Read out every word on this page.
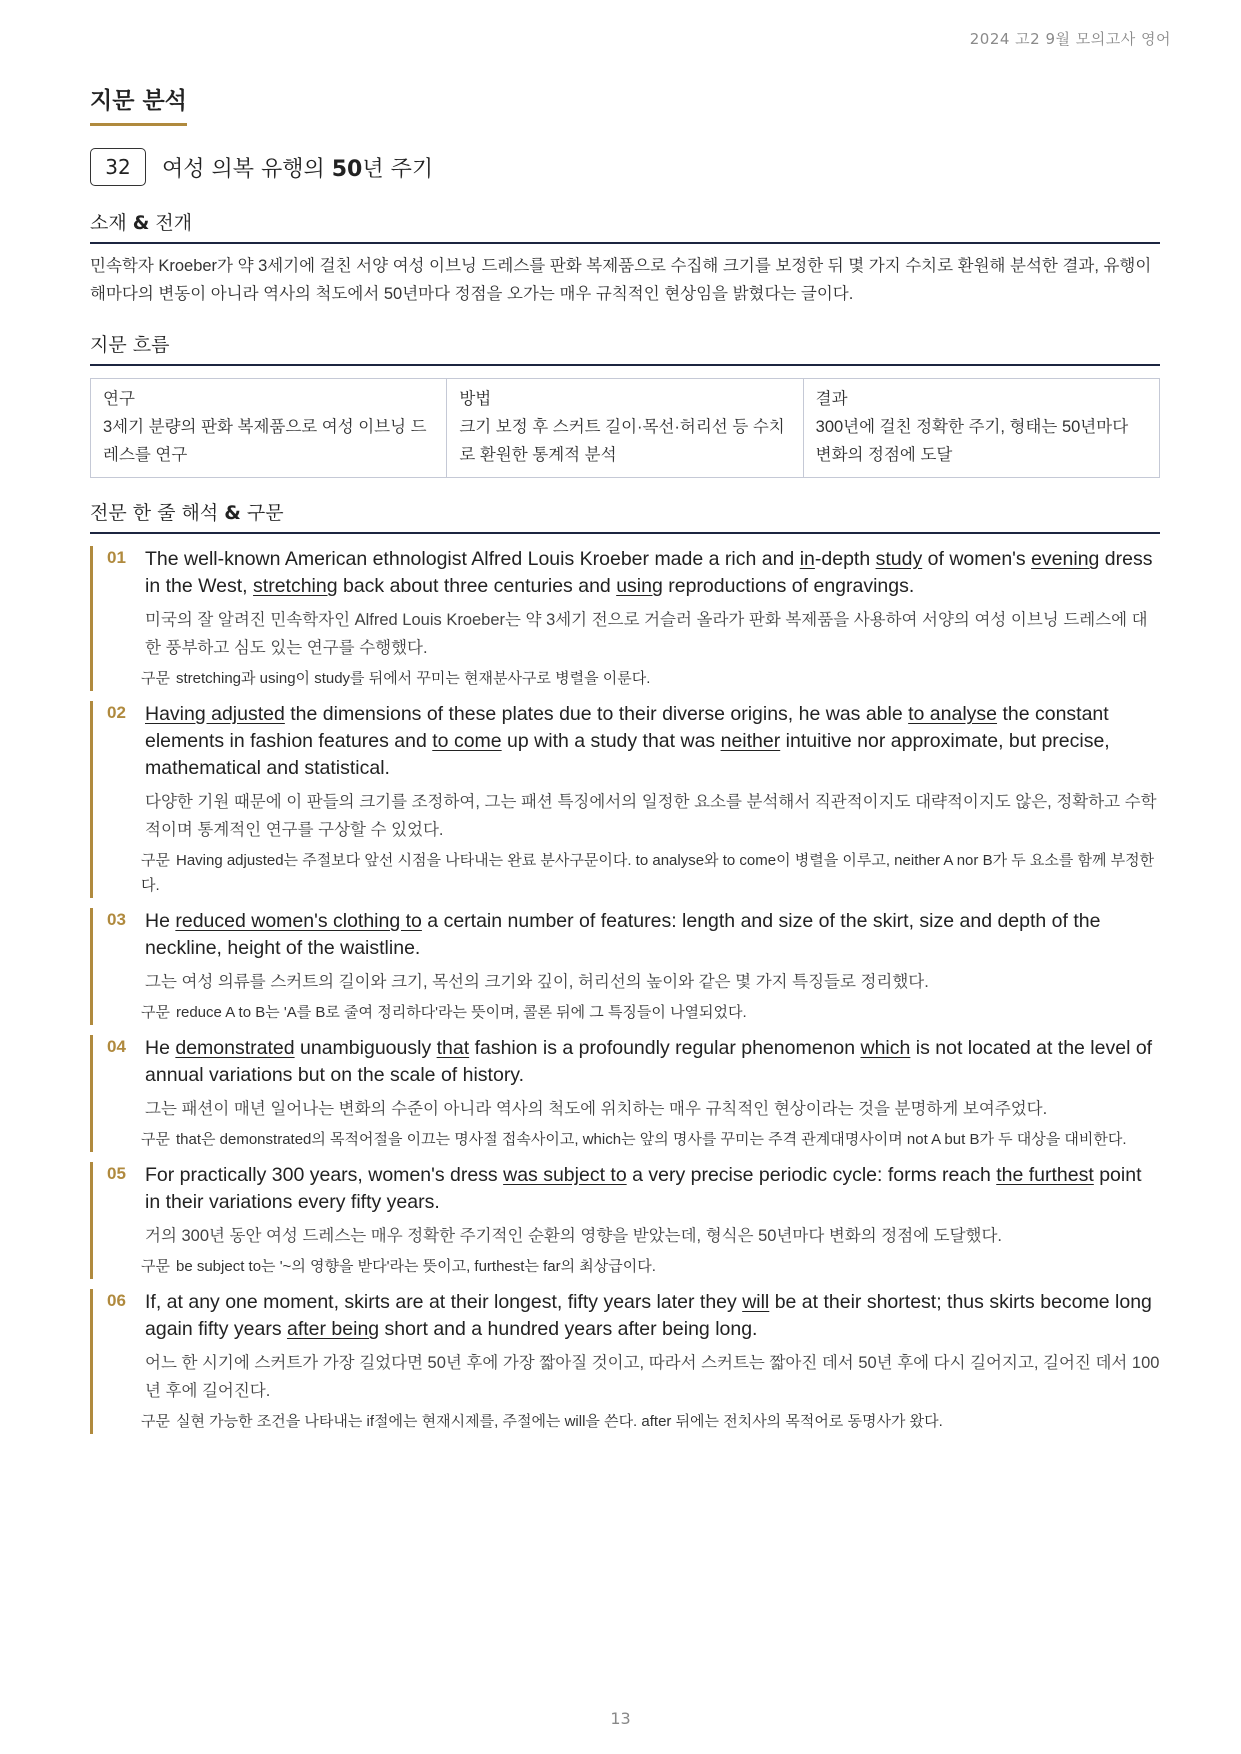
2024 고2 9월 모의고사 영어
지문 분석
32	여성 의복 유행의 50년 주기
소재 & 전개
민속학자 Kroeber가 약 3세기에 걸친 서양 여성 이브닝 드레스를 판화 복제품으로 수집해 크기를 보정한 뒤 몇 가지 수치로 환원해 분석한 결과, 유행이 해마다의 변동이 아니라 역사의 척도에서 50년마다 정점을 오가는 매우 규칙적인 현상임을 밝혔다는 글이다.
지문 흐름
연구
3세기 분량의 판화 복제품으로 여성 이브닝 드레스를 연구
방법
크기 보정 후 스커트 길이·목선·허리선 등 수치로 환원한 통계적 분석
결과
300년에 걸친 정확한 주기, 형태는 50년마다 변화의 정점에 도달
전문 한 줄 해석 & 구문
01 The well-known American ethnologist Alfred Louis Kroeber made a rich and in-depth study of women's evening dress in the West, stretching back about three centuries and using reproductions of engravings.
미국의 잘 알려진 민속학자인 Alfred Louis Kroeber는 약 3세기 전으로 거슬러 올라가 판화 복제품을 사용하여 서양의 여성 이브닝 드레스에 대한 풍부하고 심도 있는 연구를 수행했다.
구문 stretching과 using이 study를 뒤에서 꾸미는 현재분사구로 병렬을 이룬다.
02 Having adjusted the dimensions of these plates due to their diverse origins, he was able to analyse the constant elements in fashion features and to come up with a study that was neither intuitive nor approximate, but precise, mathematical and statistical.
다양한 기원 때문에 이 판들의 크기를 조정하여, 그는 패션 특징에서의 일정한 요소를 분석해서 직관적이지도 대략적이지도 않은, 정확하고 수학적이며 통계적인 연구를 구상할 수 있었다.
구문 Having adjusted는 주절보다 앞선 시점을 나타내는 완료 분사구문이다. to analyse와 to come이 병렬을 이루고, neither A nor B가 두 요소를 함께 부정한다.
03 He reduced women's clothing to a certain number of features: length and size of the skirt, size and depth of the neckline, height of the waistline.
그는 여성 의류를 스커트의 길이와 크기, 목선의 크기와 깊이, 허리선의 높이와 같은 몇 가지 특징들로 정리했다.
구문 reduce A to B는 'A를 B로 줄여 정리하다'라는 뜻이며, 콜론 뒤에 그 특징들이 나열되었다.
04 He demonstrated unambiguously that fashion is a profoundly regular phenomenon which is not located at the level of annual variations but on the scale of history.
그는 패션이 매년 일어나는 변화의 수준이 아니라 역사의 척도에 위치하는 매우 규칙적인 현상이라는 것을 분명하게 보여주었다.
구문 that은 demonstrated의 목적어절을 이끄는 명사절 접속사이고, which는 앞의 명사를 꾸미는 주격 관계대명사이며 not A but B가 두 대상을 대비한다.
05 For practically 300 years, women's dress was subject to a very precise periodic cycle: forms reach the furthest point in their variations every fifty years.
거의 300년 동안 여성 드레스는 매우 정확한 주기적인 순환의 영향을 받았는데, 형식은 50년마다 변화의 정점에 도달했다.
구문 be subject to는 '~의 영향을 받다'라는 뜻이고, furthest는 far의 최상급이다.
06 If, at any one moment, skirts are at their longest, fifty years later they will be at their shortest; thus skirts become long again fifty years after being short and a hundred years after being long.
어느 한 시기에 스커트가 가장 길었다면 50년 후에 가장 짧아질 것이고, 따라서 스커트는 짧아진 데서 50년 후에 다시 길어지고, 길어진 데서 100년 후에 길어진다.
구문 실현 가능한 조건을 나타내는 if절에는 현재시제를, 주절에는 will을 쓴다. after 뒤에는 전치사의 목적어로 동명사가 왔다.
13
